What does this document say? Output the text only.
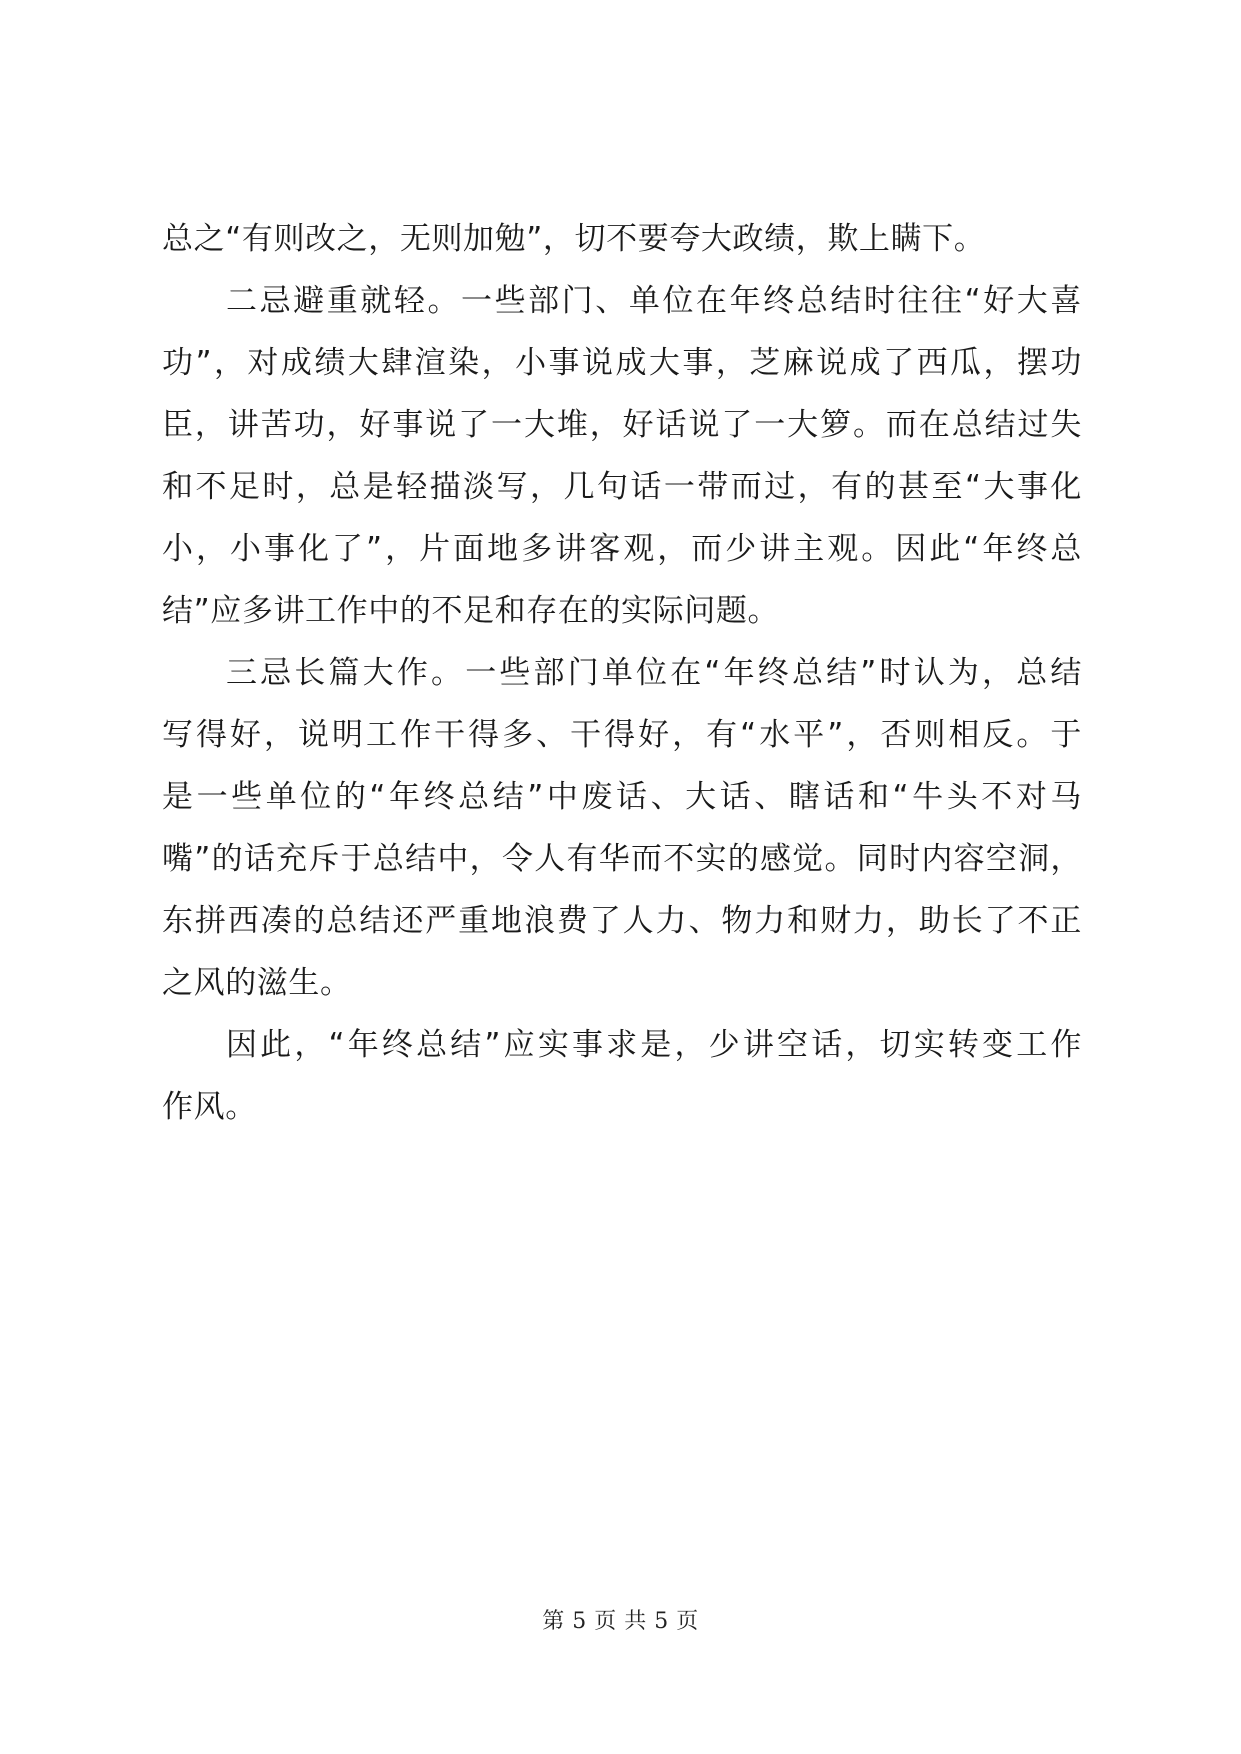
总之“有则改之，无则加勉”，切不要夸大政绩，欺上瞒下。
二忌避重就轻。一些部门、单位在年终总结时往往“好大喜
功”，对成绩大肆渲染，小事说成大事，芝麻说成了西瓜，摆功
臣，讲苦功，好事说了一大堆，好话说了一大箩。而在总结过失
和不足时，总是轻描淡写，几句话一带而过，有的甚至“大事化
小，小事化了”，片面地多讲客观，而少讲主观。因此“年终总
结”应多讲工作中的不足和存在的实际问题。
三忌长篇大作。一些部门单位在“年终总结”时认为，总结
写得好，说明工作干得多、干得好，有“水平”，否则相反。于
是一些单位的“年终总结”中废话、大话、瞎话和“牛头不对马
嘴”的话充斥于总结中，令人有华而不实的感觉。同时内容空洞，
东拼西凑的总结还严重地浪费了人力、物力和财力，助长了不正
之风的滋生。
因此，“年终总结”应实事求是，少讲空话，切实转变工作
作风。
第 5 页 共 5 页
